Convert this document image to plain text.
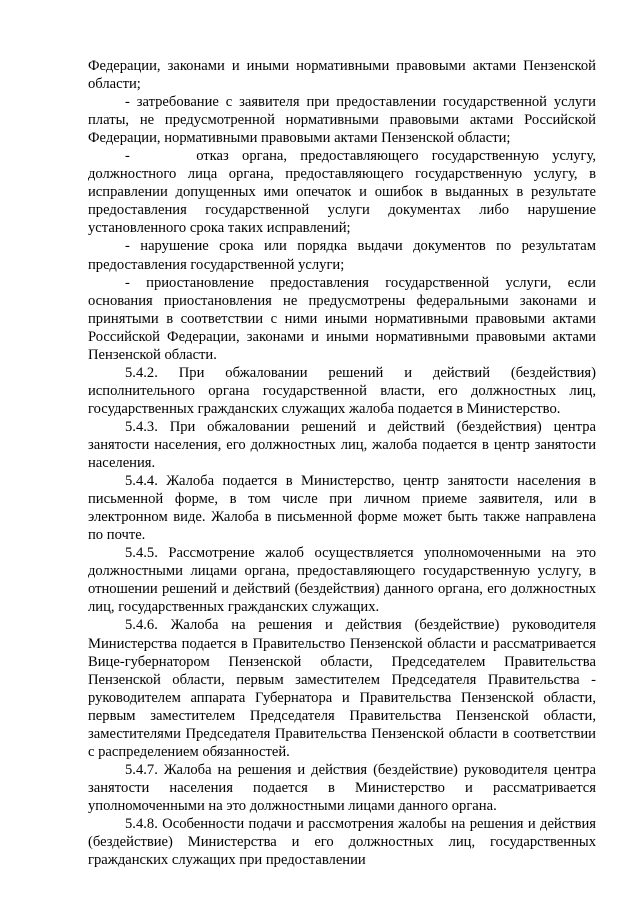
Федерации, законами и иными нормативными правовыми актами Пензенской области;

- затребование с заявителя при предоставлении государственной услуги платы, не предусмотренной нормативными правовыми актами Российской Федерации, нормативными правовыми актами Пензенской области;

-     отказ органа, предоставляющего государственную услугу, должностного лица органа, предоставляющего государственную услугу, в исправлении допущенных ими опечаток и ошибок в выданных в результате предоставления государственной услуги документах либо нарушение установленного срока таких исправлений;

- нарушение срока или порядка выдачи документов по результатам предоставления государственной услуги;

- приостановление предоставления государственной услуги, если основания приостановления не предусмотрены федеральными законами и принятыми в соответствии с ними иными нормативными правовыми актами Российской Федерации, законами и иными нормативными правовыми актами Пензенской области.

5.4.2. При обжаловании решений и действий (бездействия) исполнительного органа государственной власти, его должностных лиц, государственных гражданских служащих жалоба подается в Министерство.

5.4.3. При обжаловании решений и действий (бездействия) центра занятости населения, его должностных лиц, жалоба подается в центр занятости населения.

5.4.4. Жалоба подается в Министерство, центр занятости населения в письменной форме, в том числе при личном приеме заявителя, или в электронном виде. Жалоба в письменной форме может быть также направлена по почте.

5.4.5. Рассмотрение жалоб осуществляется уполномоченными на это должностными лицами органа, предоставляющего государственную услугу, в отношении решений и действий (бездействия) данного органа, его должностных лиц, государственных гражданских служащих.

5.4.6. Жалоба на решения и действия (бездействие) руководителя Министерства подается в Правительство Пензенской области и рассматривается Вице-губернатором Пензенской области, Председателем Правительства Пензенской области, первым заместителем Председателя Правительства - руководителем аппарата Губернатора и Правительства Пензенской области, первым заместителем Председателя Правительства Пензенской области, заместителями Председателя Правительства Пензенской области в соответствии с распределением обязанностей.

5.4.7. Жалоба на решения и действия (бездействие) руководителя центра занятости населения подается в Министерство и рассматривается уполномоченными на это должностными лицами данного органа.

5.4.8. Особенности подачи и рассмотрения жалобы на решения и действия (бездействие) Министерства и его должностных лиц, государственных гражданских служащих при предоставлении
